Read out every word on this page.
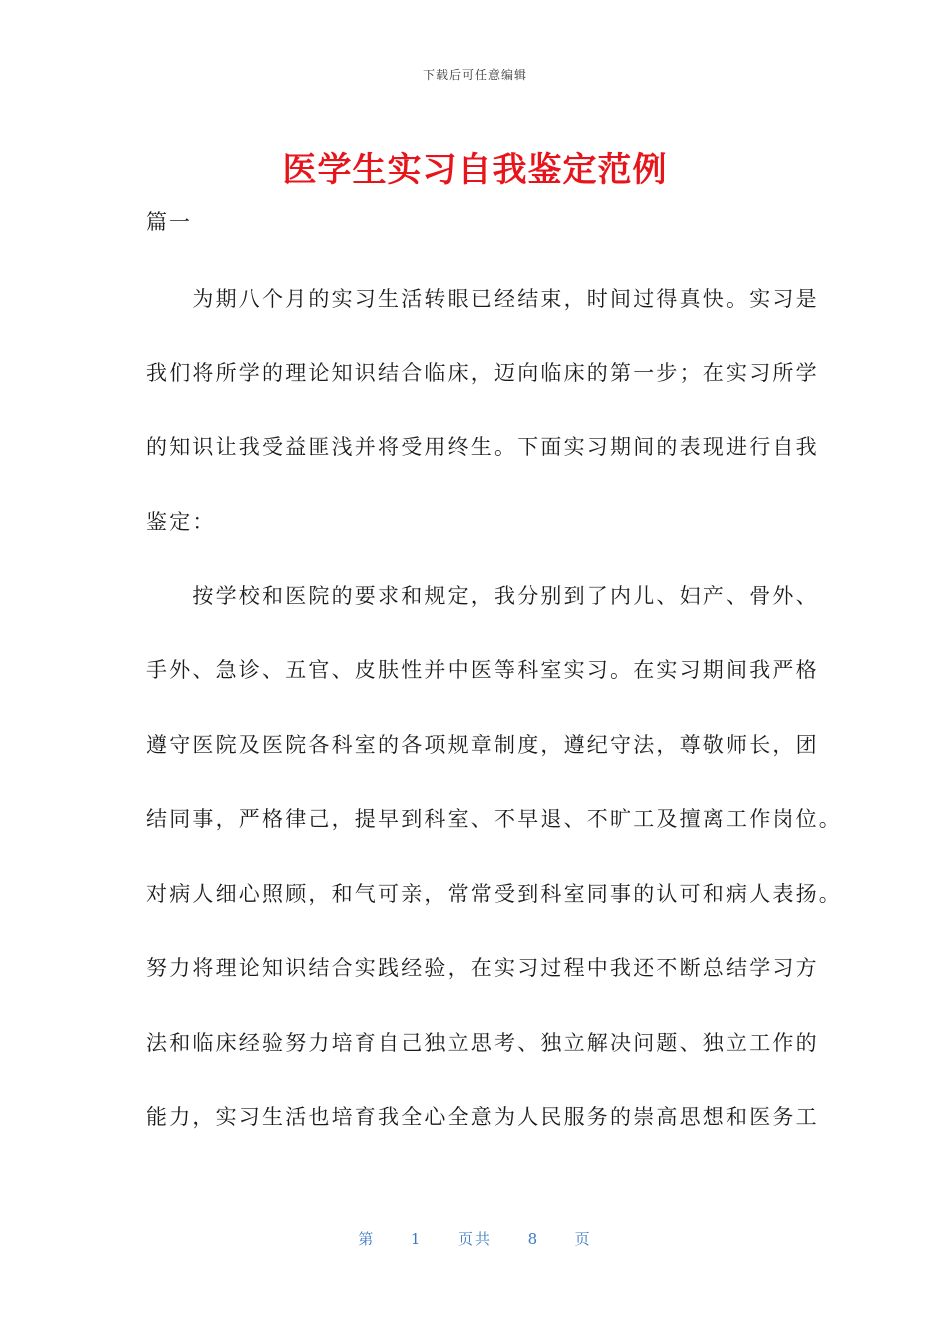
下载后可任意编辑
医学生实习自我鉴定范例
篇一
　　为期八个月的实习生活转眼已经结束，时间过得真快。实习是
我们将所学的理论知识结合临床，迈向临床的第一步；在实习所学
的知识让我受益匪浅并将受用终生。下面实习期间的表现进行自我
鉴定：
　　按学校和医院的要求和规定，我分别到了内儿、妇产、骨外、
手外、急诊、五官、皮肤性并中医等科室实习。在实习期间我严格
遵守医院及医院各科室的各项规章制度，遵纪守法，尊敬师长，团
结同事，严格律己，提早到科室、不早退、不旷工及擅离工作岗位。
对病人细心照顾，和气可亲，常常受到科室同事的认可和病人表扬。
努力将理论知识结合实践经验，在实习过程中我还不断总结学习方
法和临床经验努力培育自己独立思考、独立解决问题、独立工作的
能力，实习生活也培育我全心全意为人民服务的崇高思想和医务工
第 1 页共 8 页
